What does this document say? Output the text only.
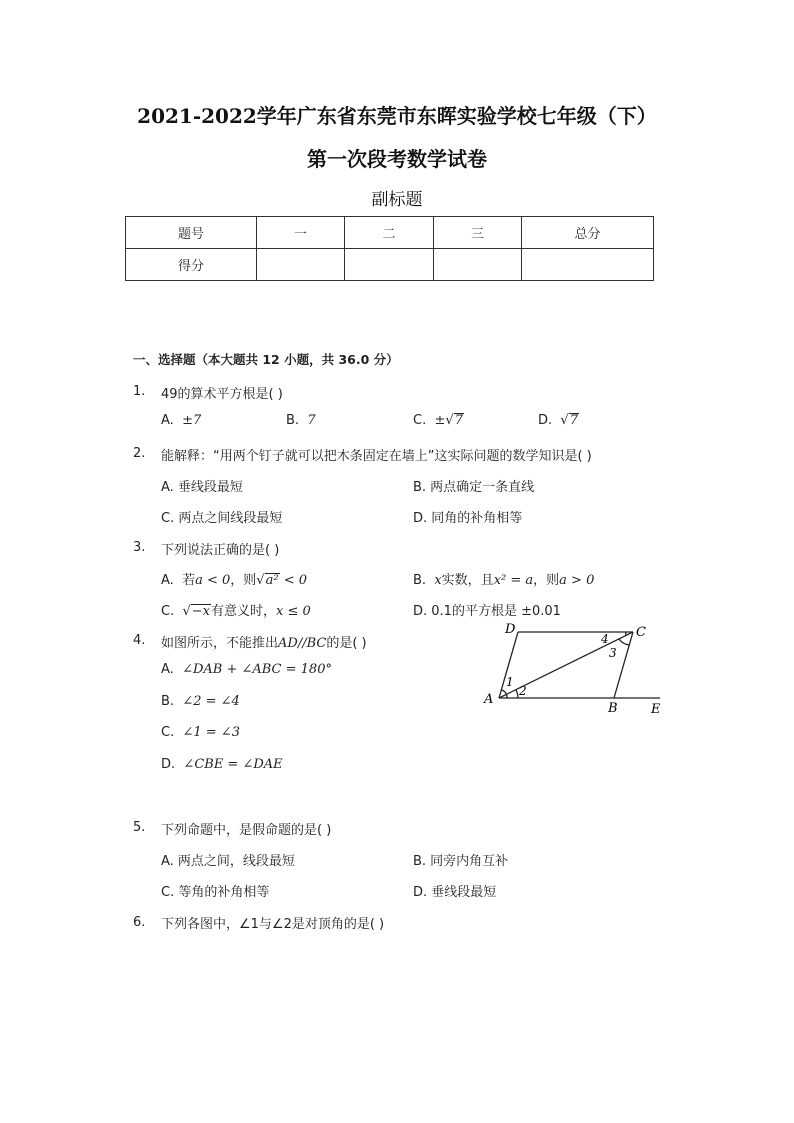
2021-2022学年广东省东莞市东晖实验学校七年级（下）
第一次段考数学试卷
副标题
题号	一	二	三	总分
得分				
一、选择题（本大题共 12 小题，共 36.0 分）
1. 49的算术平方根是( )
A. ±7	B. 7	C. ±√7	D. √7
2. 能解释：“用两个钉子就可以把木条固定在墙上”这实际问题的数学知识是( )
A. 垂线段最短	B. 两点确定一条直线
C. 两点之间线段最短	D. 同角的补角相等
3. 下列说法正确的是( )
A. 若a < 0，则√a² < 0	B. x实数，且x² = a，则a > 0
C. √−x有意义时，x ≤ 0	D. 0.1的平方根是 ±0.01
4. 如图所示，不能推出AD//BC的是( )
A. ∠DAB + ∠ABC = 180°
B. ∠2 = ∠4
C. ∠1 = ∠3
D. ∠CBE = ∠DAE
D	C
A
B	E
1
2
3
4
5. 下列命题中，是假命题的是( )
A. 两点之间，线段最短	B. 同旁内角互补
C. 等角的补角相等	D. 垂线段最短
6. 下列各图中，∠1与∠2是对顶角的是( )
